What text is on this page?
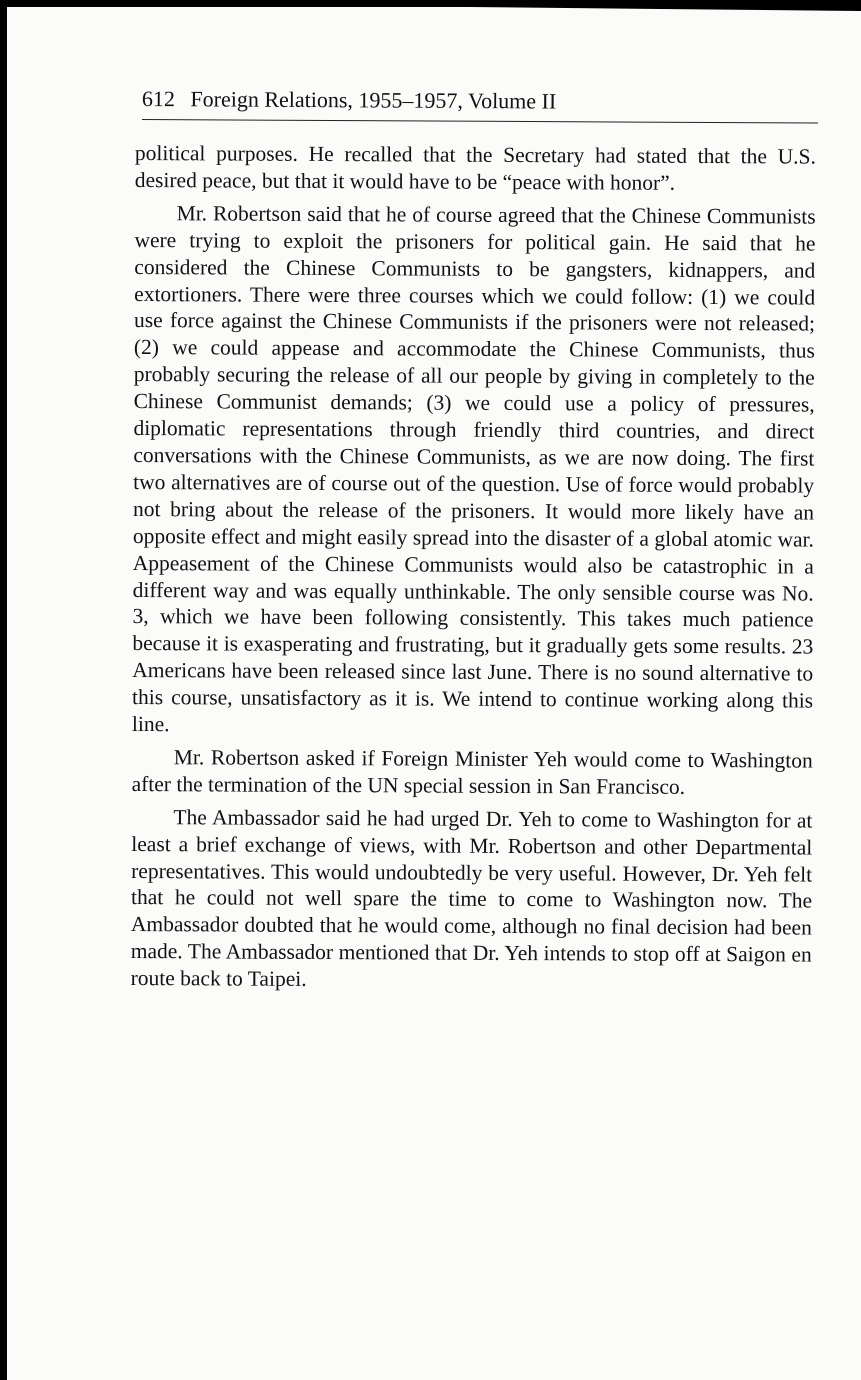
612 Foreign Relations, 1955–1957, Volume II

political purposes. He recalled that the Secretary had stated that the U.S. desired peace, but that it would have to be “peace with honor”.

Mr. Robertson said that he of course agreed that the Chinese Communists were trying to exploit the prisoners for political gain. He said that he considered the Chinese Communists to be gangsters, kidnappers, and extortioners. There were three courses which we could follow: (1) we could use force against the Chinese Communists if the prisoners were not released; (2) we could appease and accommodate the Chinese Communists, thus probably securing the release of all our people by giving in completely to the Chinese Communist demands; (3) we could use a policy of pressures, diplomatic representations through friendly third countries, and direct conversations with the Chinese Communists, as we are now doing. The first two alternatives are of course out of the question. Use of force would probably not bring about the release of the prisoners. It would more likely have an opposite effect and might easily spread into the disaster of a global atomic war. Appeasement of the Chinese Communists would also be catastrophic in a different way and was equally unthinkable. The only sensible course was No. 3, which we have been following consistently. This takes much patience because it is exasperating and frustrating, but it gradually gets some results. 23 Americans have been released since last June. There is no sound alternative to this course, unsatisfactory as it is. We intend to continue working along this line.

Mr. Robertson asked if Foreign Minister Yeh would come to Washington after the termination of the UN special session in San Francisco.

The Ambassador said he had urged Dr. Yeh to come to Washington for at least a brief exchange of views, with Mr. Robertson and other Departmental representatives. This would undoubtedly be very useful. However, Dr. Yeh felt that he could not well spare the time to come to Washington now. The Ambassador doubted that he would come, although no final decision had been made. The Ambassador mentioned that Dr. Yeh intends to stop off at Saigon en route back to Taipei.
